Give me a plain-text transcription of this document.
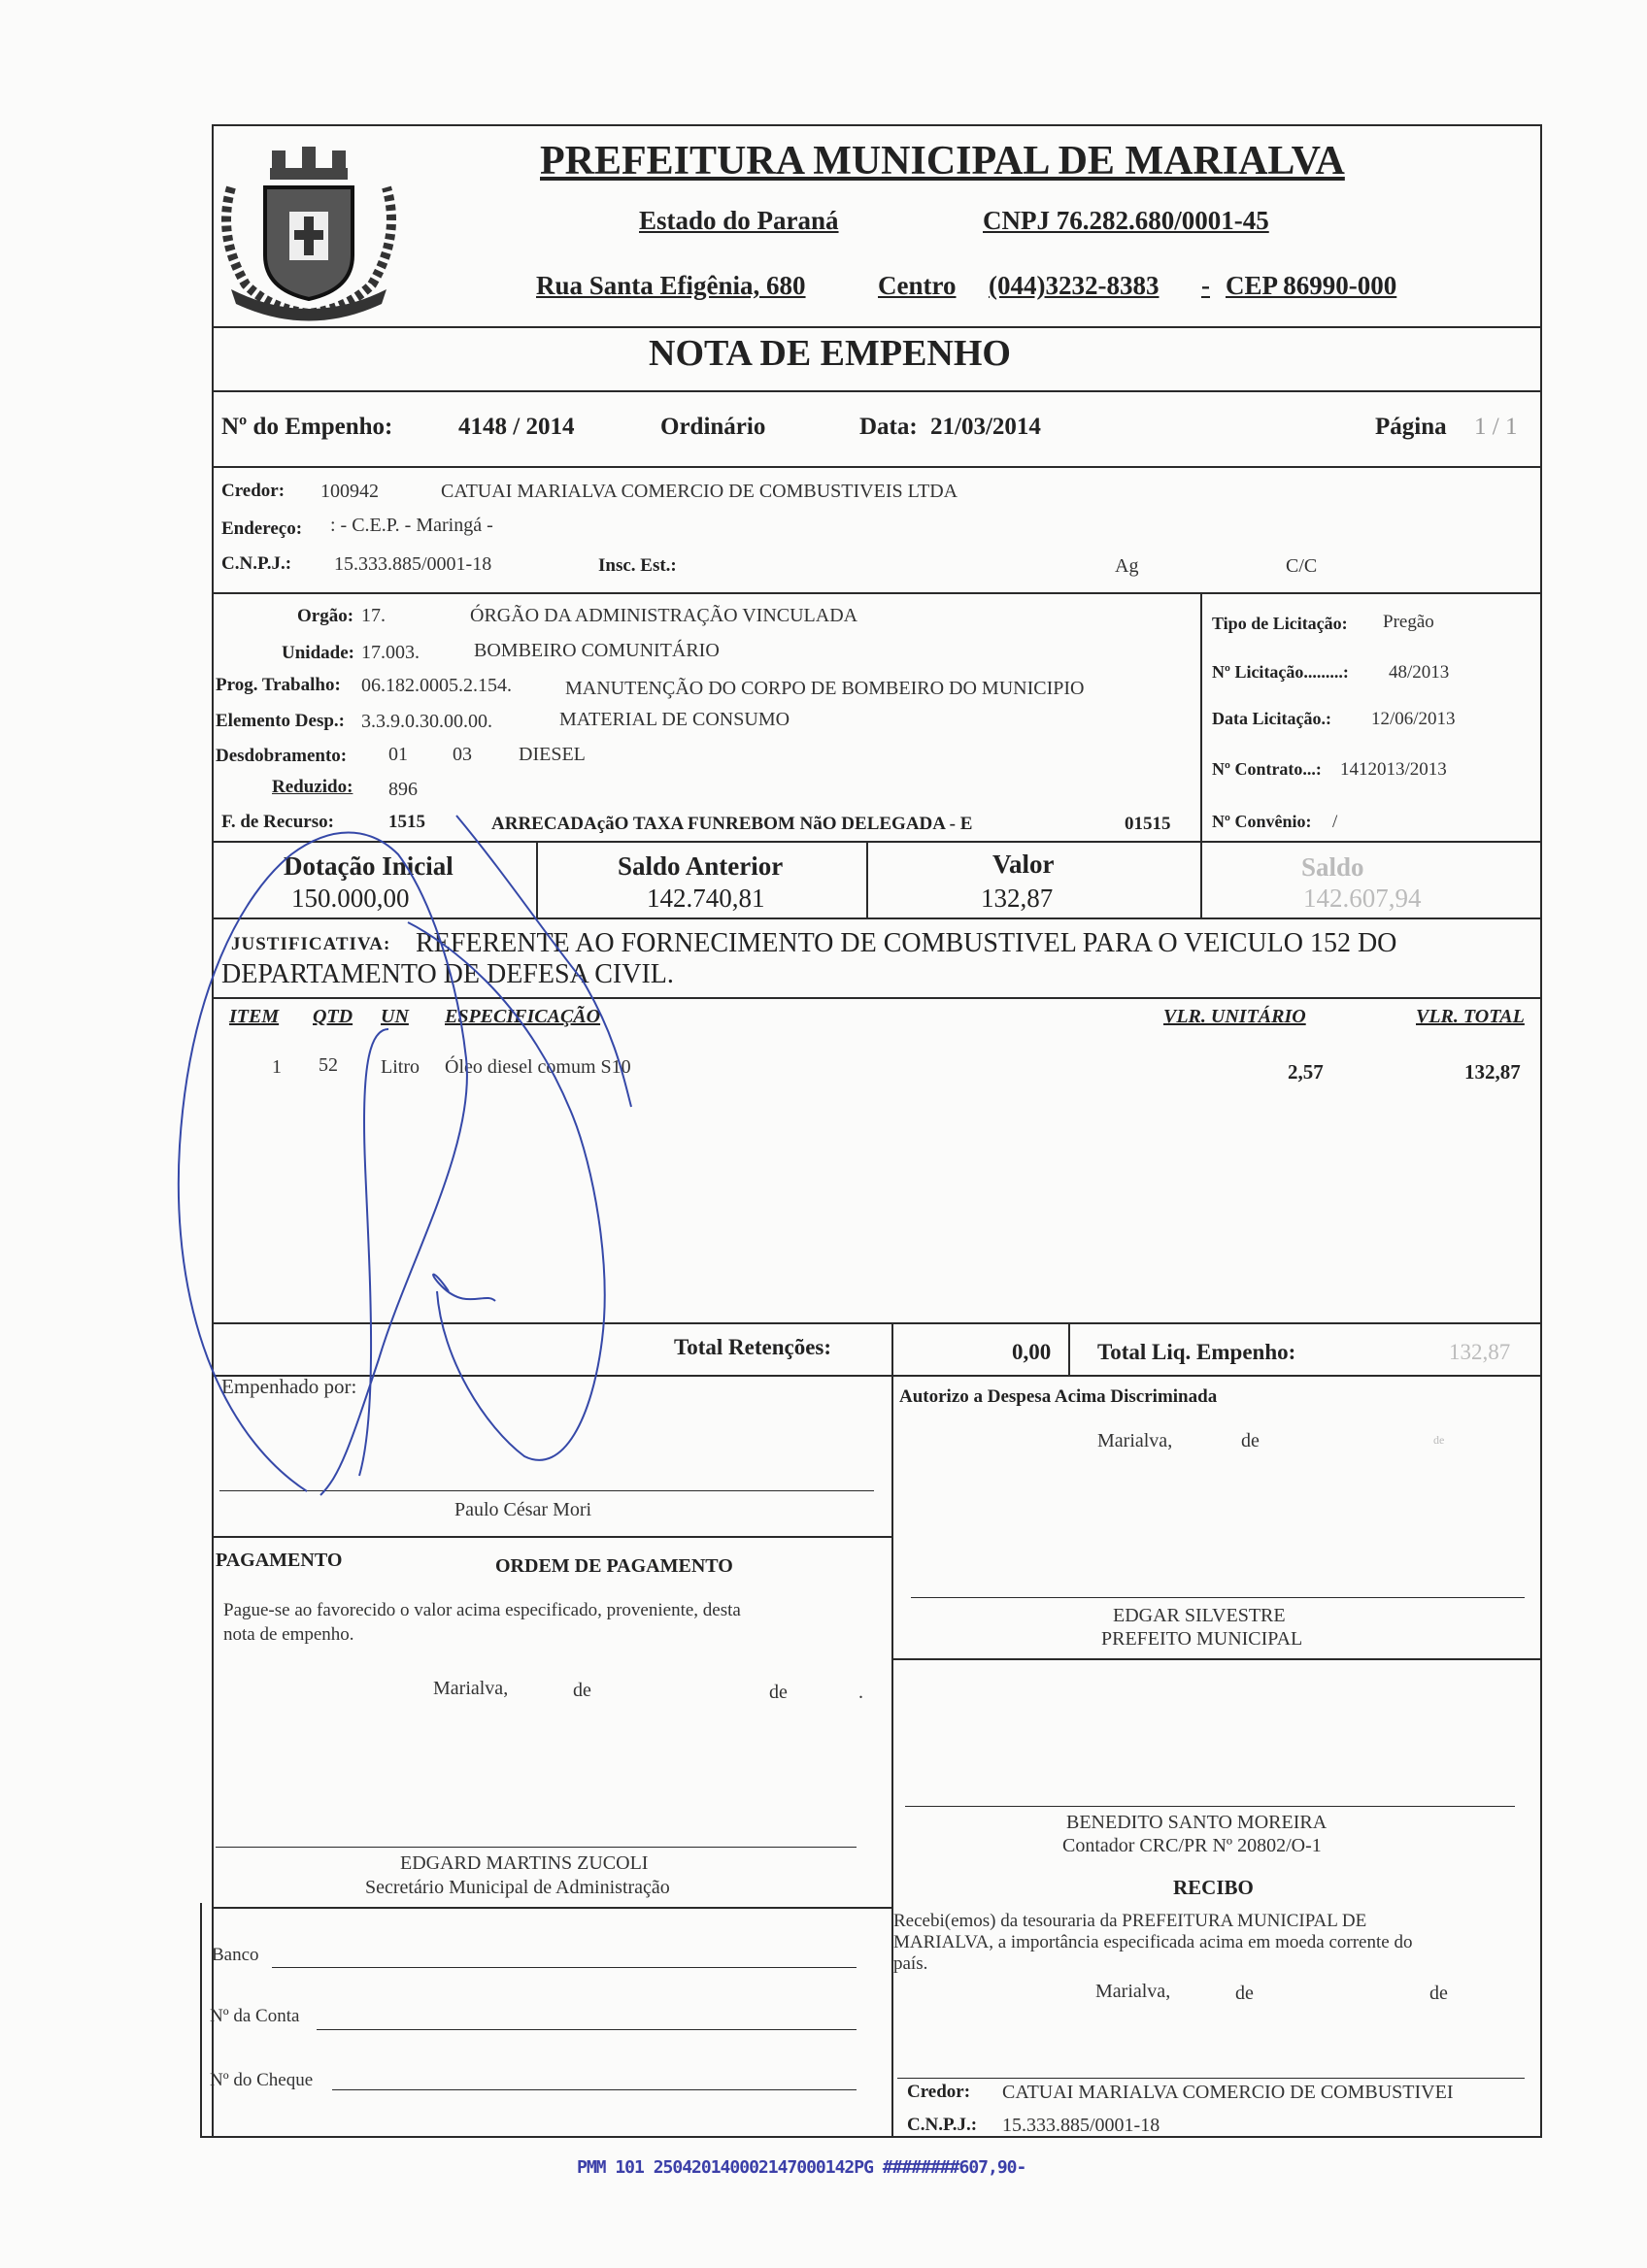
PREFEITURA MUNICIPAL DE MARIALVA
Estado do Paraná	CNPJ 76.282.680/0001-45
Rua Santa Efigênia, 680	Centro (044)3232-8383 - CEP 86990-000
NOTA DE EMPENHO
Nº do Empenho:	4148 / 2014	Ordinário	Data: 21/03/2014	Página 1 / 1
Credor: 100942	CATUAI MARIALVA COMERCIO DE COMBUSTIVEIS LTDA
Endereço: : - C.E.P. - Maringá -
C.N.P.J.: 15.333.885/0001-18	Insc. Est.:	Ag	C/C
Orgão: 17.	ÓRGÃO DA ADMINISTRAÇÃO VINCULADA
Unidade: 17.003.	BOMBEIRO COMUNITÁRIO
Prog. Trabalho: 06.182.0005.2.154.	MANUTENÇÃO DO CORPO DE BOMBEIRO DO MUNICIPIO
Elemento Desp.: 3.3.9.0.30.00.00.	MATERIAL DE CONSUMO
Desdobramento: 01 03 DIESEL
Reduzido: 896
F. de Recurso:	1515	ARRECADAçãO TAXA FUNREBOM NãO DELEGADA - E	01515
Tipo de Licitação: Pregão
Nº Licitação.........: 48/2013
Data Licitação.: 12/06/2013
Nº Contrato...: 1412013/2013
Nº Convênio: /
Dotação Inicial
150.000,00
Saldo Anterior
142.740,81
Valor
132,87
Saldo
142.607,94
JUSTIFICATIVA: REFERENTE AO FORNECIMENTO DE COMBUSTIVEL PARA O VEICULO 152 DO
DEPARTAMENTO DE DEFESA CIVIL.
ITEM QTD UN ESPECIFICAÇÃO	VLR. UNITÁRIO	VLR. TOTAL
1 52 Litro Óleo diesel comum S10	2,57	132,87
Total Retenções:	0,00 Total Liq. Empenho:	132,87
Empenhado por:
Paulo César Mori
Autorizo a Despesa Acima Discriminada
Marialva,	de	de
EDGAR SILVESTRE
PREFEITO MUNICIPAL
PAGAMENTO	ORDEM DE PAGAMENTO
Pague-se ao favorecido o valor acima especificado, proveniente, desta
nota de empenho.
Marialva,	de	de	.
EDGARD MARTINS ZUCOLI
Secretário Municipal de Administração
BENEDITO SANTO MOREIRA
Contador CRC/PR Nº 20802/O-1
Banco
Nº da Conta
Nº do Cheque
RECIBO
Recebi(emos) da tesouraria da PREFEITURA MUNICIPAL DE
MARIALVA, a importância especificada acima em moeda corrente do
país.
Marialva,	de	de
Credor: CATUAI MARIALVA COMERCIO DE COMBUSTIVEI
C.N.P.J.: 15.333.885/0001-18
PMM 101 250420140002147000142PG ########607,90-
